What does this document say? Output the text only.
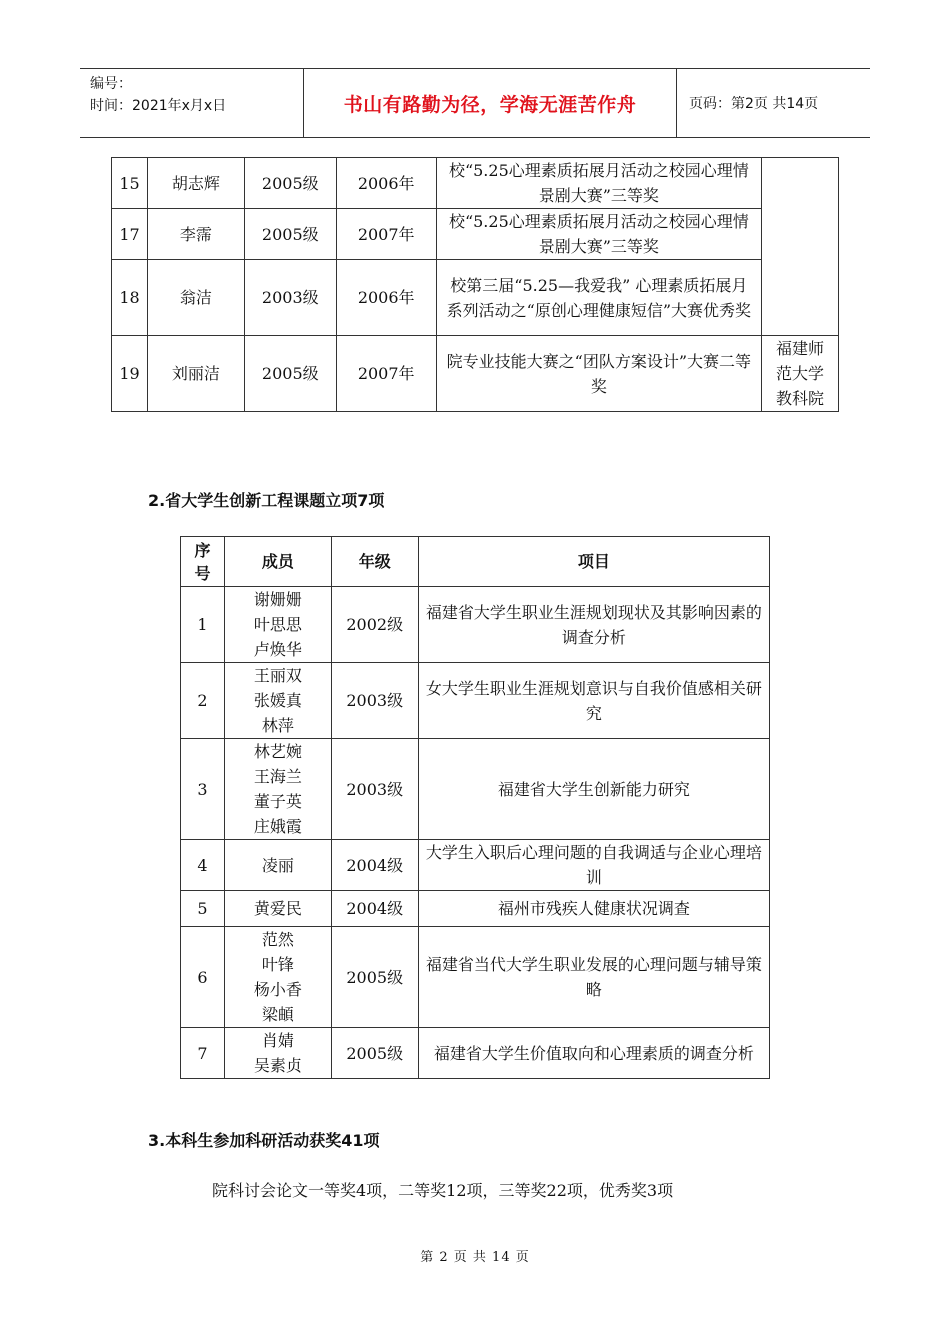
编号：
时间：2021年x月x日	书山有路勤为径，学海无涯苦作舟	页码：第2页 共14页
15	胡志辉	2005级	2006年	校“5.25心理素质拓展月活动之校园心理情景剧大赛”三等奖	
17	李霈	2005级	2007年	校“5.25心理素质拓展月活动之校园心理情景剧大赛”三等奖	
18	翁洁	2003级	2006年	校第三届“5.25—我爱我” 心理素质拓展月系列活动之“原创心理健康短信”大赛优秀奖	
19	刘丽洁	2005级	2007年	院专业技能大赛之“团队方案设计”大赛二等奖	福建师范大学教科院
2.省大学生创新工程课题立项7项
序号	成员	年级	项目
1	谢姗姗
叶思思
卢焕华	2002级	福建省大学生职业生涯规划现状及其影响因素的调查分析
2	王丽双
张媛真
林萍	2003级	女大学生职业生涯规划意识与自我价值感相关研究
3	林艺婉
王海兰
董子英
庄娥霞	2003级	福建省大学生创新能力研究
4	凌丽	2004级	大学生入职后心理问题的自我调适与企业心理培训
5	黄爱民	2004级	福州市残疾人健康状况调查
6	范然
叶锋
杨小香
梁頔	2005级	福建省当代大学生职业发展的心理问题与辅导策略
7	肖婧
吴素贞	2005级	福建省大学生价值取向和心理素质的调查分析
3.本科生参加科研活动获奖41项
院科讨会论文一等奖4项，二等奖12项，三等奖22项，优秀奖3项
第 2 页 共 14 页
